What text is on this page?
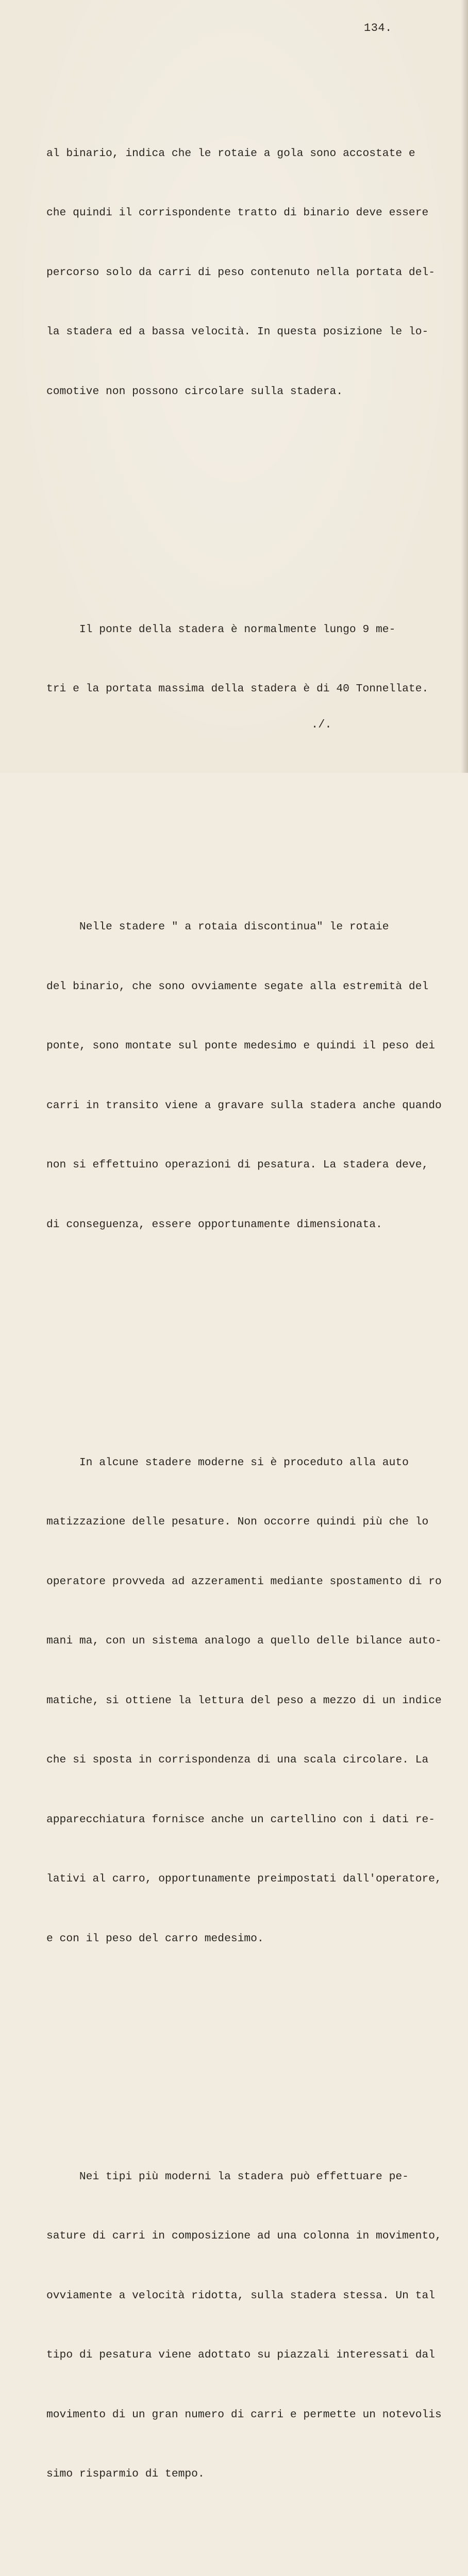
134.

al binario, indica che le rotaie a gola sono accostate e

che quindi il corrispondente tratto di binario deve essere

percorso solo da carri di peso contenuto nella portata del-

la stadera ed a bassa velocità. In questa posizione le lo-

comotive non possono circolare sulla stadera.

Il ponte della stadera è normalmente lungo 9 me-

tri e la portata massima della stadera è di 40 Tonnellate.

Nelle stadere " a rotaia discontinua" le rotaie

del binario, che sono ovviamente segate alla estremità del

ponte, sono montate sul ponte medesimo e quindi il peso dei

carri in transito viene a gravare sulla stadera anche quando

non si effettuino operazioni di pesatura. La stadera deve,

di conseguenza, essere opportunamente dimensionata.

In alcune stadere moderne si è proceduto alla auto

matizzazione delle pesature. Non occorre quindi più che lo

operatore provveda ad azzeramenti mediante spostamento di ro

mani ma, con un sistema analogo a quello delle bilance auto-

matiche, si ottiene la lettura del peso a mezzo di un indice

che si sposta in corrispondenza di una scala circolare. La

apparecchiatura fornisce anche un cartellino con i dati re-

lativi al carro, opportunamente preimpostati dall'operatore,

e con il peso del carro medesimo.

Nei tipi più moderni la stadera può effettuare pe-

sature di carri in composizione ad una colonna in movimento,

ovviamente a velocità ridotta, sulla stadera stessa. Un tal

tipo di pesatura viene adottato su piazzali interessati dal

movimento di un gran numero di carri e permette un notevolis

simo risparmio di tempo.

./.
